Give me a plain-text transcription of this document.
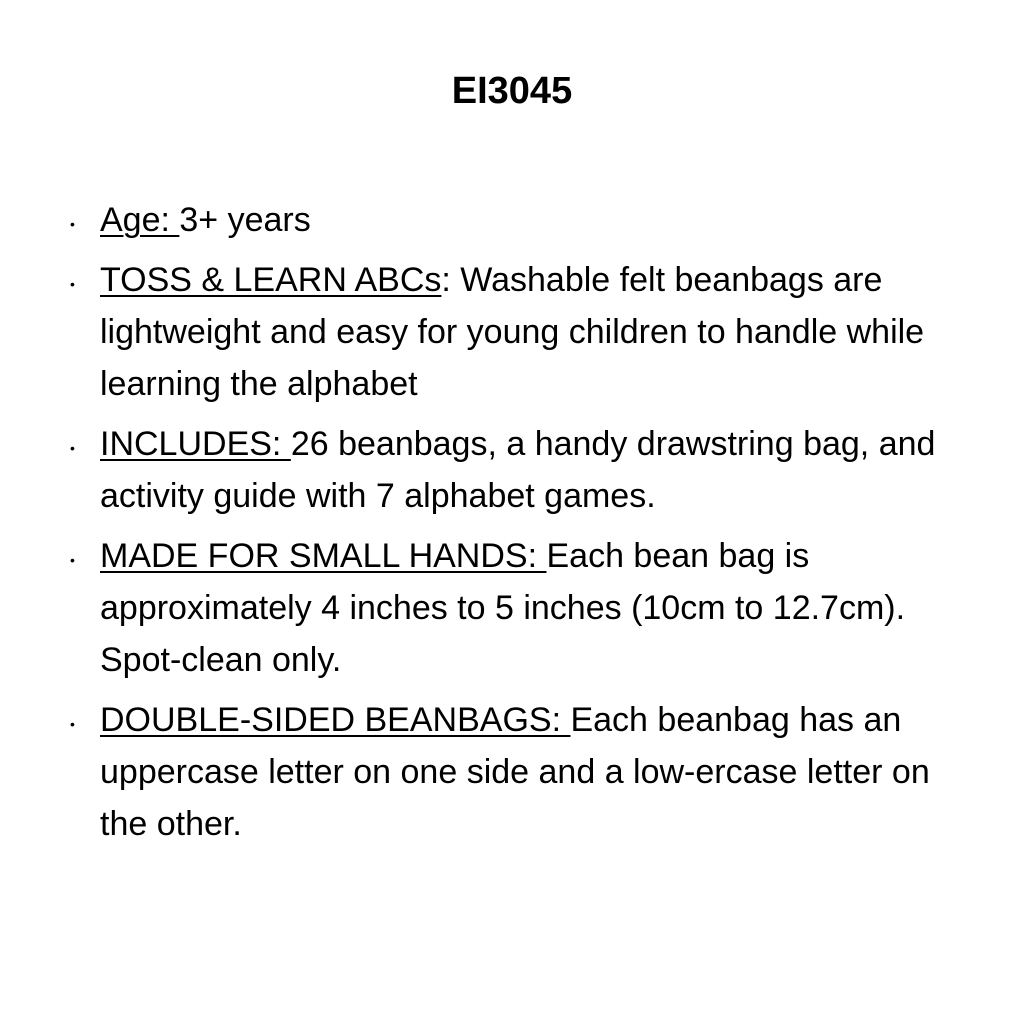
EI3045
• Age: 3+ years
• TOSS & LEARN ABCs: Washable felt beanbags are lightweight and easy for young children to handle while learning the alphabet
• INCLUDES: 26 beanbags, a handy drawstring bag, and activity guide with 7 alphabet games.
• MADE FOR SMALL HANDS: Each bean bag is approximately 4 inches to 5 inches (10cm to 12.7cm). Spot-clean only.
• DOUBLE-SIDED BEANBAGS: Each beanbag has an uppercase letter on one side and a low-ercase letter on the other.
